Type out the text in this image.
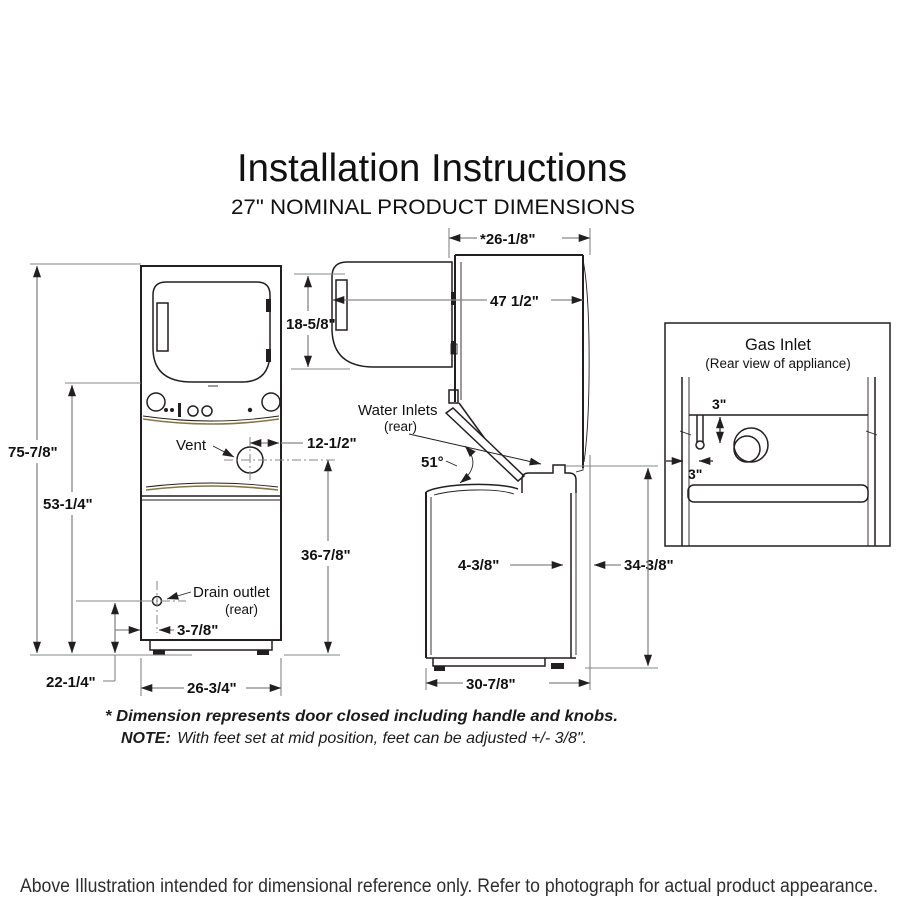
Installation Instructions
27" NOMINAL PRODUCT DIMENSIONS
75-7/8"
53-1/4"
22-1/4"	26-3/4"
3-7/8"
12-1/2"
36-7/8"
Vent
Drain outlet
(rear)
*26-1/8"
18-5/8"
47 1/2"
Water Inlets
(rear)
51°
4-3/8"	34-3/8"
30-7/8"
Gas Inlet
(Rear view of appliance)
3"
3"
* Dimension represents door closed including handle and knobs.
NOTE: With feet set at mid position, feet can be adjusted +/- 3/8".
Above Illustration intended for dimensional reference only. Refer to photograph for actual product appearance.
